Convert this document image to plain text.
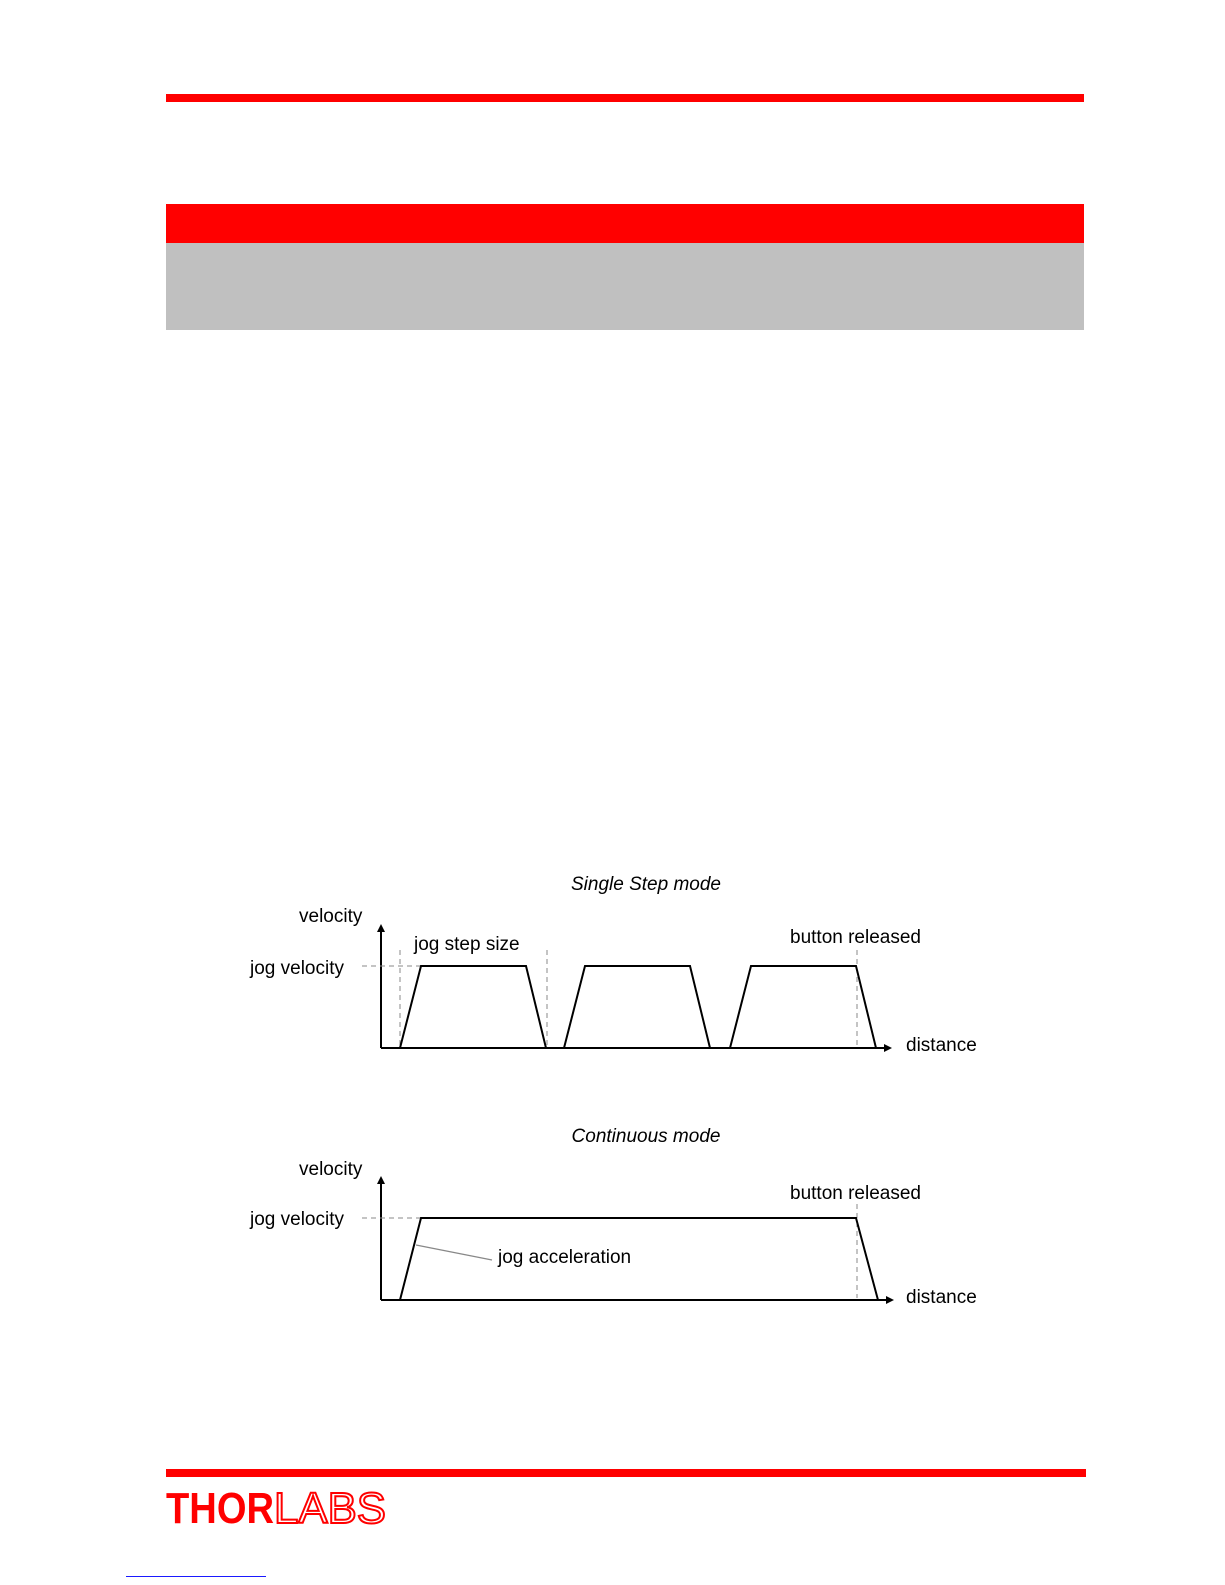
Single Step mode
velocity
distance
jog velocity
jog step size	button released
Continuous mode
velocity
distance
jog velocity
button released
jog acceleration
THOR LABS
